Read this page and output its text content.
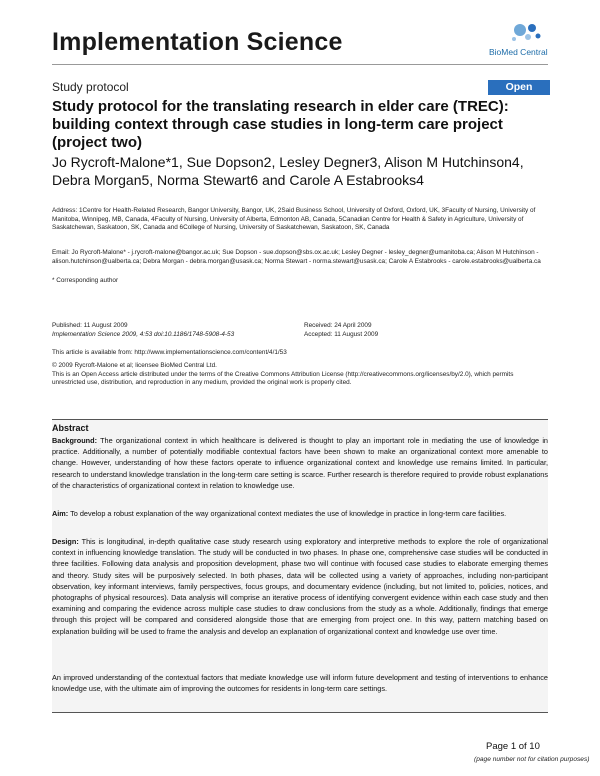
Implementation Science	BioMed Central
Study protocol	Open Access
Study protocol for the translating research in elder care (TREC): building context through case studies in long-term care project (project two)
Jo Rycroft-Malone*1, Sue Dopson2, Lesley Degner3, Alison M Hutchinson4,
Debra Morgan5, Norma Stewart6 and Carole A Estabrooks4
Address: 1Centre for Health-Related Research, Bangor University, Bangor, UK, 2Said Business School, University of Oxford, Oxford, UK, 3Faculty of Nursing, University of Manitoba, Winnipeg, MB, Canada, 4Faculty of Nursing, University of Alberta, Edmonton AB, Canada, 5Canadian Centre for Health & Safety in Agriculture, University of Saskatchewan, Saskatoon, SK, Canada and 6College of Nursing, University of Saskatchewan, Saskatoon, SK, Canada
Email: Jo Rycroft-Malone* - j.rycroft-malone@bangor.ac.uk; Sue Dopson - sue.dopson@sbs.ox.ac.uk; Lesley Degner - lesley_degner@umanitoba.ca; Alison M Hutchinson - alison.hutchinson@ualberta.ca; Debra Morgan - debra.morgan@usask.ca; Norma Stewart - norma.stewart@usask.ca; Carole A Estabrooks - carole.estabrooks@ualberta.ca
* Corresponding author
Published: 11 August 2009
Implementation Science 2009, 4:53 doi:10.1186/1748-5908-4-53
Received: 24 April 2009
Accepted: 11 August 2009
This article is available from: http://www.implementationscience.com/content/4/1/53
© 2009 Rycroft-Malone et al; licensee BioMed Central Ltd.
This is an Open Access article distributed under the terms of the Creative Commons Attribution License (http://creativecommons.org/licenses/by/2.0), which permits unrestricted use, distribution, and reproduction in any medium, provided the original work is properly cited.
Abstract
Background: The organizational context in which healthcare is delivered is thought to play an important role in mediating the use of knowledge in practice. Additionally, a number of potentially modifiable contextual factors have been shown to make an organizational context more amenable to change. However, understanding of how these factors operate to influence organizational context and knowledge use remains limited. In particular, research to understand knowledge translation in the long-term care setting is scarce. Further research is therefore required to provide robust explanations of the characteristics of organizational context in relation to knowledge use.
Aim: To develop a robust explanation of the way organizational context mediates the use of knowledge in practice in long-term care facilities.
Design: This is longitudinal, in-depth qualitative case study research using exploratory and interpretive methods to explore the role of organizational context in influencing knowledge translation. The study will be conducted in two phases. In phase one, comprehensive case studies will be conducted in three facilities. Following data analysis and proposition development, phase two will continue with focused case studies to elaborate emerging themes and theory. Study sites will be purposively selected. In both phases, data will be collected using a variety of approaches, including non-participant observation, key informant interviews, family perspectives, focus groups, and documentary evidence (including, but not limited to, policies, notices, and photographs of physical resources). Data analysis will comprise an iterative process of identifying convergent evidence within each case study and then examining and comparing the evidence across multiple case studies to draw conclusions from the study as a whole. Additionally, findings that emerge through this project will be compared and considered alongside those that are emerging from project one. In this way, pattern matching based on explanation building will be used to frame the analysis and develop an explanation of organizational context and knowledge use over time.
An improved understanding of the contextual factors that mediate knowledge use will inform future development and testing of interventions to enhance knowledge use, with the ultimate aim of improving the outcomes for residents in long-term care settings.
Page 1 of 10
(page number not for citation purposes)
